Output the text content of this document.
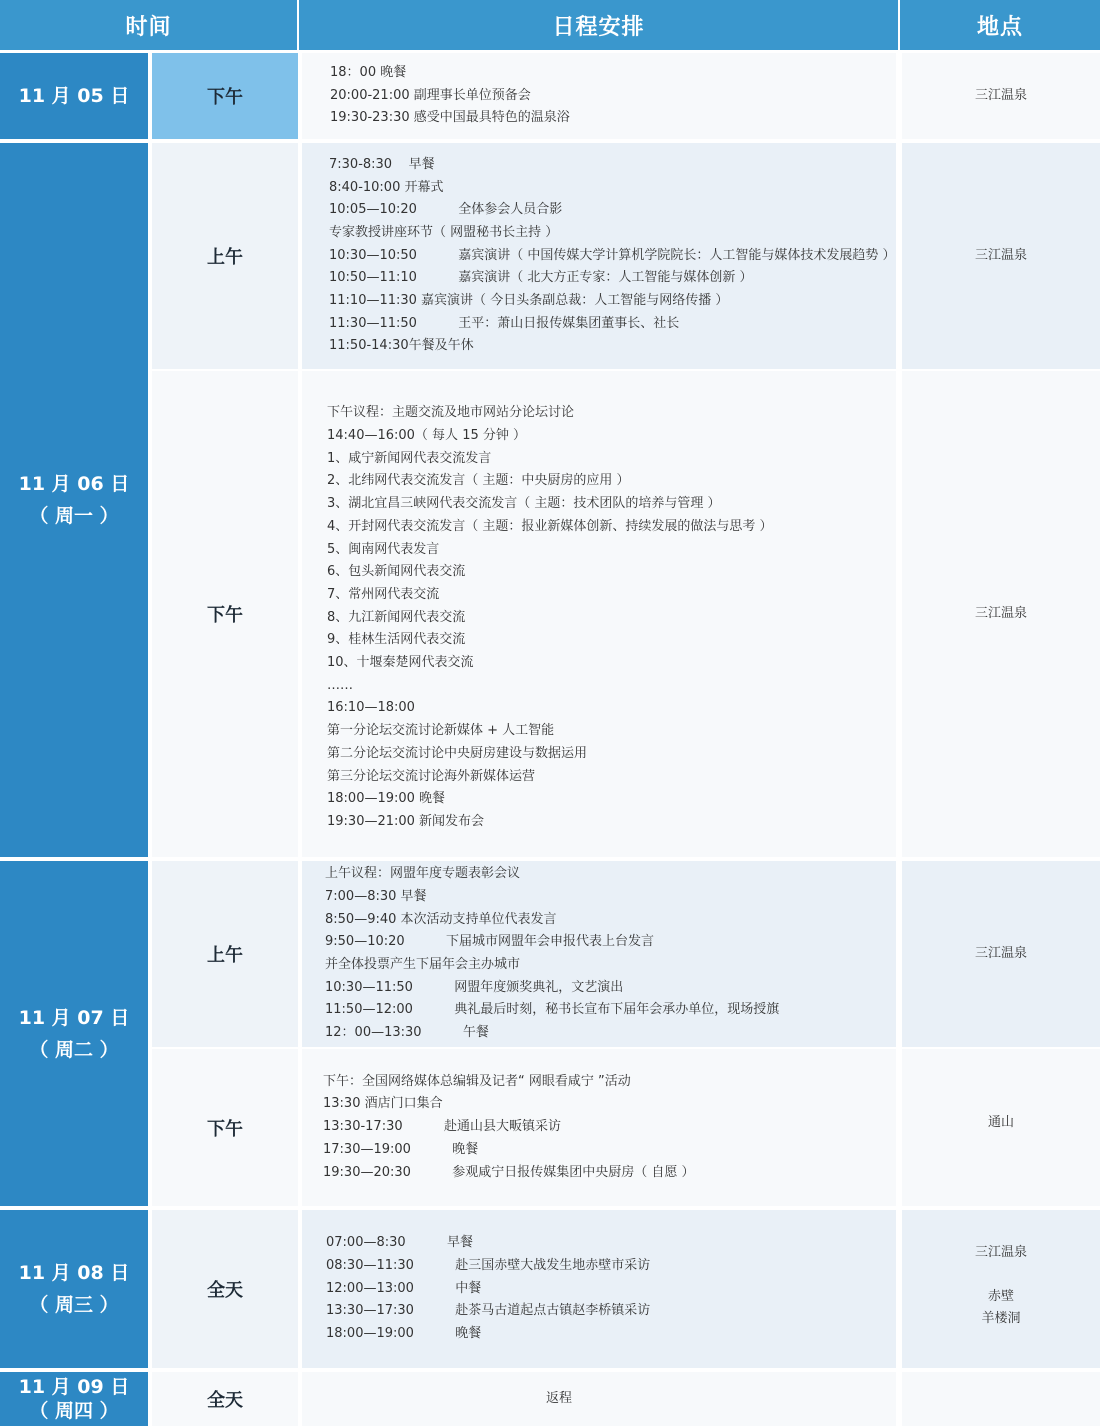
时间	日程安排	地点
11 月 05 日
11 月 06 日
（ 周一 ）
11 月 07 日
（ 周二 ）
11 月 08 日
（ 周三 ）
11 月 09 日
（ 周四 ）
下午
上午
下午
上午
下午
全天
全天
18：00 晚餐
20:00-21:00 副理事长单位预备会
19:30-23:30 感受中国最具特色的温泉浴
7:30-8:30    早餐
8:40-10:00 开幕式
10:05—10:20          全体参会人员合影
专家教授讲座环节（ 网盟秘书长主持 ）
10:30—10:50          嘉宾演讲（ 中国传媒大学计算机学院院长：人工智能与媒体技术发展趋势 ）
10:50—11:10          嘉宾演讲（ 北大方正专家：人工智能与媒体创新 ）
11:10—11:30 嘉宾演讲（ 今日头条副总裁：人工智能与网络传播 ）
11:30—11:50          王平：萧山日报传媒集团董事长、社长
11:50-14:30午餐及午休
下午议程：主题交流及地市网站分论坛讨论
14:40—16:00（ 每人 15 分钟 ）
1、咸宁新闻网代表交流发言
2、北纬网代表交流发言（ 主题：中央厨房的应用 ）
3、湖北宜昌三峡网代表交流发言（ 主题：技术团队的培养与管理 ）
4、开封网代表交流发言（ 主题：报业新媒体创新、持续发展的做法与思考 ）
5、闽南网代表发言
6、包头新闻网代表交流
7、常州网代表交流
8、九江新闻网代表交流
9、桂林生活网代表交流
10、十堰秦楚网代表交流
……
16:10—18:00
第一分论坛交流讨论新媒体 + 人工智能
第二分论坛交流讨论中央厨房建设与数据运用
第三分论坛交流讨论海外新媒体运营
18:00—19:00 晚餐
19:30—21:00 新闻发布会
上午议程：网盟年度专题表彰会议
7:00—8:30 早餐
8:50—9:40 本次活动支持单位代表发言
9:50—10:20          下届城市网盟年会申报代表上台发言
并全体投票产生下届年会主办城市
10:30—11:50          网盟年度颁奖典礼，文艺演出
11:50—12:00          典礼最后时刻，秘书长宣布下届年会承办单位，现场授旗
12：00—13:30          午餐
下午：全国网络媒体总编辑及记者“ 网眼看咸宁 ”活动
13:30 酒店门口集合
13:30-17:30          赴通山县大畈镇采访
17:30—19:00          晚餐
19:30—20:30          参观咸宁日报传媒集团中央厨房（ 自愿 ）
07:00—8:30          早餐
08:30—11:30          赴三国赤壁大战发生地赤壁市采访
12:00—13:00          中餐
13:30—17:30          赴茶马古道起点古镇赵李桥镇采访
18:00—19:00          晚餐
返程
三江温泉
三江温泉
三江温泉
三江温泉
通山
三江温泉
赤壁
羊楼洞
